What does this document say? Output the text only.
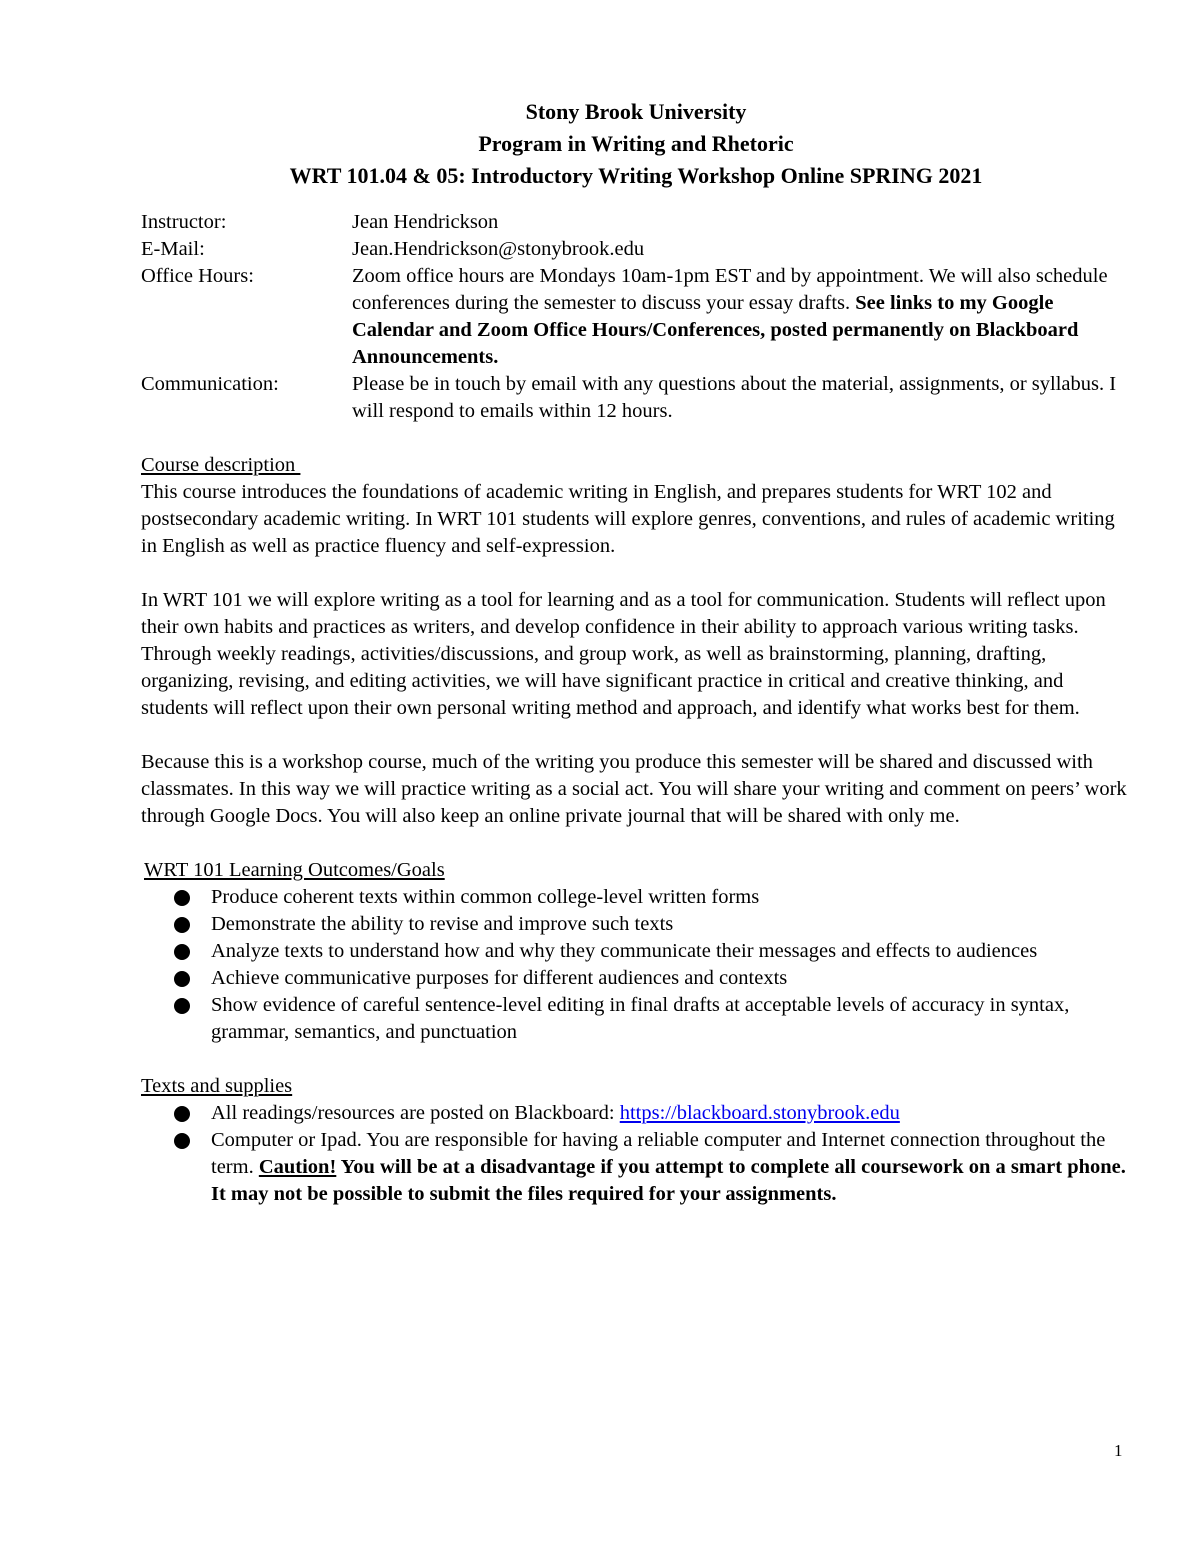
Stony Brook University
Program in Writing and Rhetoric
WRT 101.04 & 05: Introductory Writing Workshop Online SPRING 2021
Instructor:	Jean Hendrickson
E-Mail:	Jean.Hendrickson@stonybrook.edu
Office Hours:	Zoom office hours are Mondays 10am-1pm EST and by appointment. We will also schedule conferences during the semester to discuss your essay drafts. See links to my Google Calendar and Zoom Office Hours/Conferences, posted permanently on Blackboard Announcements.
Communication:	Please be in touch by email with any questions about the material, assignments, or syllabus. I will respond to emails within 12 hours.
Course description

This course introduces the foundations of academic writing in English, and prepares students for WRT 102 and postsecondary academic writing. In WRT 101 students will explore genres, conventions, and rules of academic writing in English as well as practice fluency and self-expression.

In WRT 101 we will explore writing as a tool for learning and as a tool for communication. Students will reflect upon their own habits and practices as writers, and develop confidence in their ability to approach various writing tasks. Through weekly readings, activities/discussions, and group work, as well as brainstorming, planning, drafting, organizing, revising, and editing activities, we will have significant practice in critical and creative thinking, and students will reflect upon their own personal writing method and approach, and identify what works best for them.

Because this is a workshop course, much of the writing you produce this semester will be shared and discussed with classmates. In this way we will practice writing as a social act. You will share your writing and comment on peers’ work through Google Docs. You will also keep an online private journal that will be shared with only me.

WRT 101 Learning Outcomes/Goals
Produce coherent texts within common college-level written forms
Demonstrate the ability to revise and improve such texts
Analyze texts to understand how and why they communicate their messages and effects to audiences
Achieve communicative purposes for different audiences and contexts
Show evidence of careful sentence-level editing in final drafts at acceptable levels of accuracy in syntax, grammar, semantics, and punctuation
Texts and supplies
All readings/resources are posted on Blackboard: https://blackboard.stonybrook.edu
Computer or Ipad. You are responsible for having a reliable computer and Internet connection throughout the term. Caution! You will be at a disadvantage if you attempt to complete all coursework on a smart phone. It may not be possible to submit the files required for your assignments.
1
